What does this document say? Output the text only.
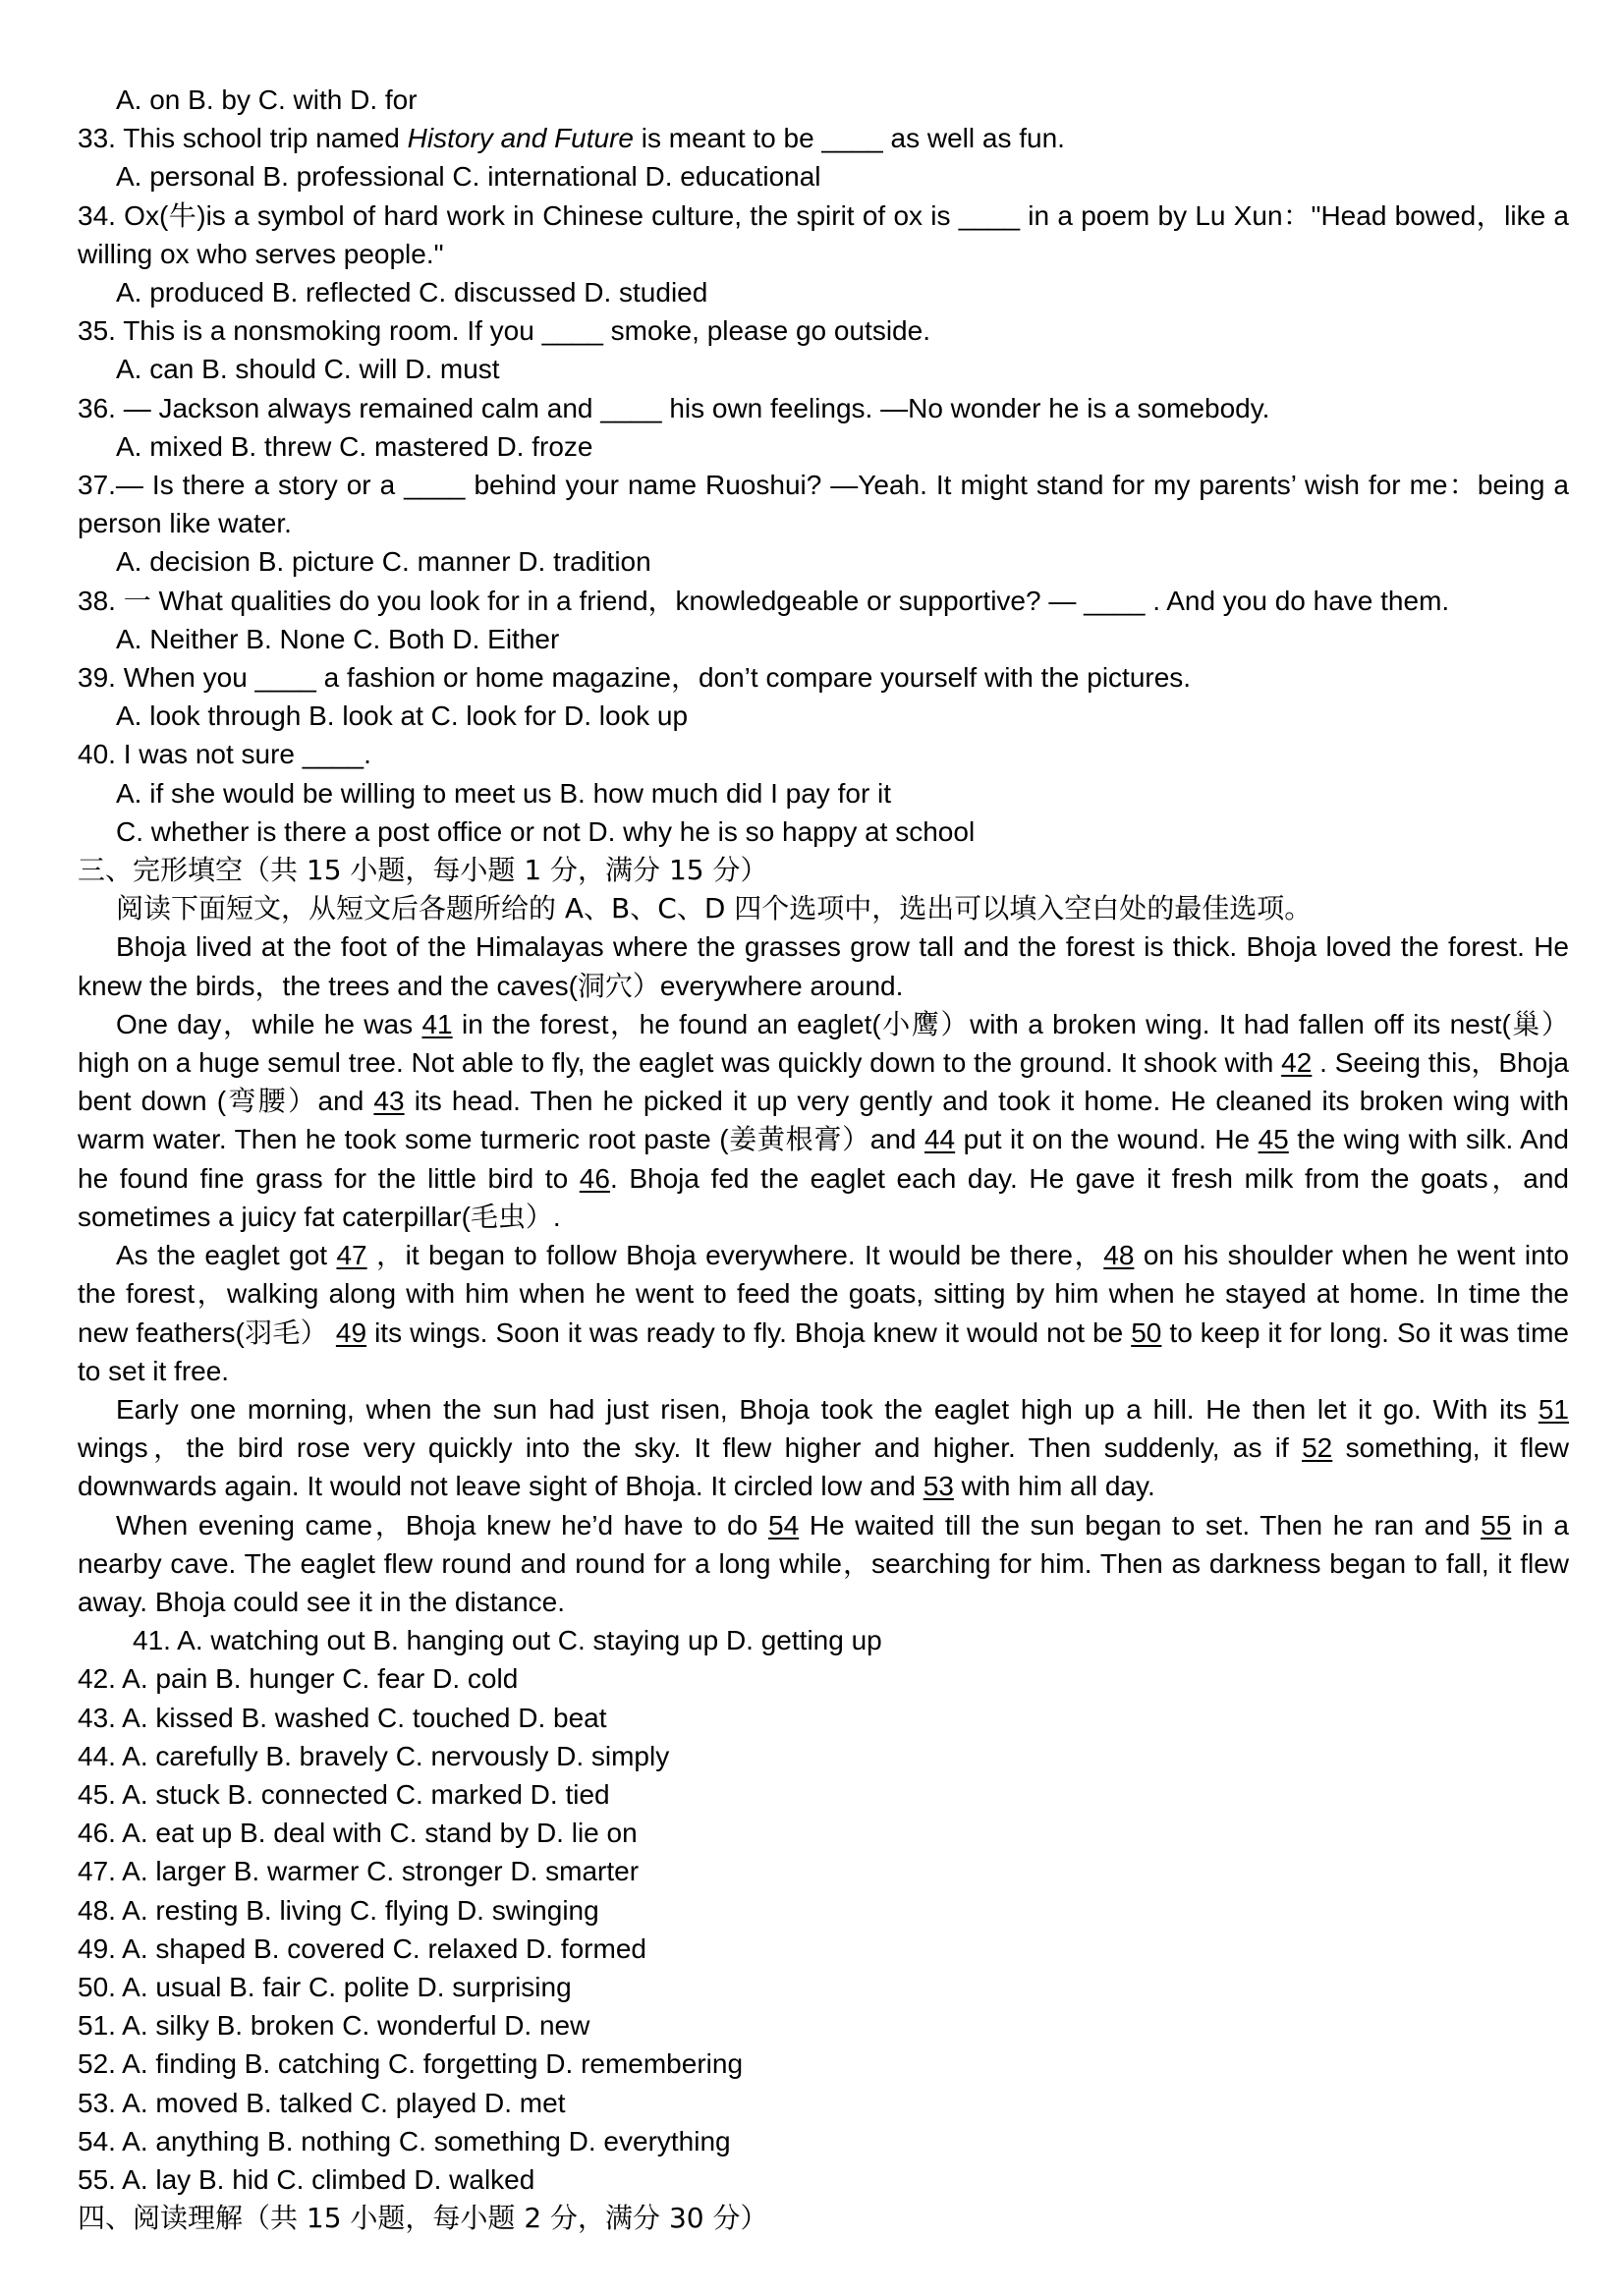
A. on B. by C. with D. for
33. This school trip named History and Future is meant to be ____ as well as fun.
A. personal B. professional C. international D. educational
34. Ox(牛)is a symbol of hard work in Chinese culture, the spirit of ox is ____ in a poem by Lu Xun："Head bowed，like a willing ox who serves people."
A. produced B. reflected C. discussed D. studied
35. This is a nonsmoking room. If you ____ smoke, please go outside.
A. can B. should C. will D. must
36. — Jackson always remained calm and ____ his own feelings. —No wonder he is a somebody.
A. mixed B. threw C. mastered D. froze
37.— Is there a story or a ____ behind your name Ruoshui? —Yeah. It might stand for my parents’ wish for me：being a person like water.
A. decision B. picture C. manner D. tradition
38. 一 What qualities do you look for in a friend，knowledgeable or supportive? — ____ . And you do have them.
A. Neither B. None C. Both D. Either
39. When you ____ a fashion or home magazine，don’t compare yourself with the pictures.
A. look through B. look at C. look for D. look up
40. I was not sure ____.
A. if she would be willing to meet us B. how much did I pay for it
C. whether is there a post office or not D. why he is so happy at school
三、完形填空（共 15 小题，每小题 1 分，满分 15 分）
阅读下面短文，从短文后各题所给的 A、B、C、D 四个选项中，选出可以填入空白处的最佳选项。
Bhoja lived at the foot of the Himalayas where the grasses grow tall and the forest is thick. Bhoja loved the forest. He knew the birds，the trees and the caves(洞穴）everywhere around.
One day，while he was 41 in the forest，he found an eaglet(小鹰）with a broken wing. It had fallen off its nest(巢）high on a huge semul tree. Not able to fly, the eaglet was quickly down to the ground. It shook with 42 . Seeing this，Bhoja bent down (弯腰）and 43 its head. Then he picked it up very gently and took it home. He cleaned its broken wing with warm water. Then he took some turmeric root paste (姜黄根膏）and 44 put it on the wound. He 45 the wing with silk. And he found fine grass for the little bird to 46. Bhoja fed the eaglet each day. He gave it fresh milk from the goats，and sometimes a juicy fat caterpillar(毛虫）.
As the eaglet got 47 ，it began to follow Bhoja everywhere. It would be there，48 on his shoulder when he went into the forest，walking along with him when he went to feed the goats, sitting by him when he stayed at home. In time the new feathers(羽毛） 49 its wings. Soon it was ready to fly. Bhoja knew it would not be 50 to keep it for long. So it was time to set it free.
Early one morning, when the sun had just risen, Bhoja took the eaglet high up a hill. He then let it go. With its 51 wings，the bird rose very quickly into the sky. It flew higher and higher. Then suddenly, as if 52 something, it flew downwards again. It would not leave sight of Bhoja. It circled low and 53 with him all day.
When evening came，Bhoja knew he’d have to do 54 He waited till the sun began to set. Then he ran and 55 in a nearby cave. The eaglet flew round and round for a long while，searching for him. Then as darkness began to fall, it flew away. Bhoja could see it in the distance.
41. A. watching out B. hanging out C. staying up D. getting up
42. A. pain B. hunger C. fear D. cold
43. A. kissed B. washed C. touched D. beat
44. A. carefully B. bravely C. nervously D. simply
45. A. stuck B. connected C. marked D. tied
46. A. eat up B. deal with C. stand by D. lie on
47. A. larger B. warmer C. stronger D. smarter
48. A. resting B. living C. flying D. swinging
49. A. shaped B. covered C. relaxed D. formed
50. A. usual B. fair C. polite D. surprising
51. A. silky B. broken C. wonderful D. new
52. A. finding B. catching C. forgetting D. remembering
53. A. moved B. talked C. played D. met
54. A. anything B. nothing C. something D. everything
55. A. lay B. hid C. climbed D. walked
四、阅读理解（共 15 小题，每小题 2 分，满分 30 分）
